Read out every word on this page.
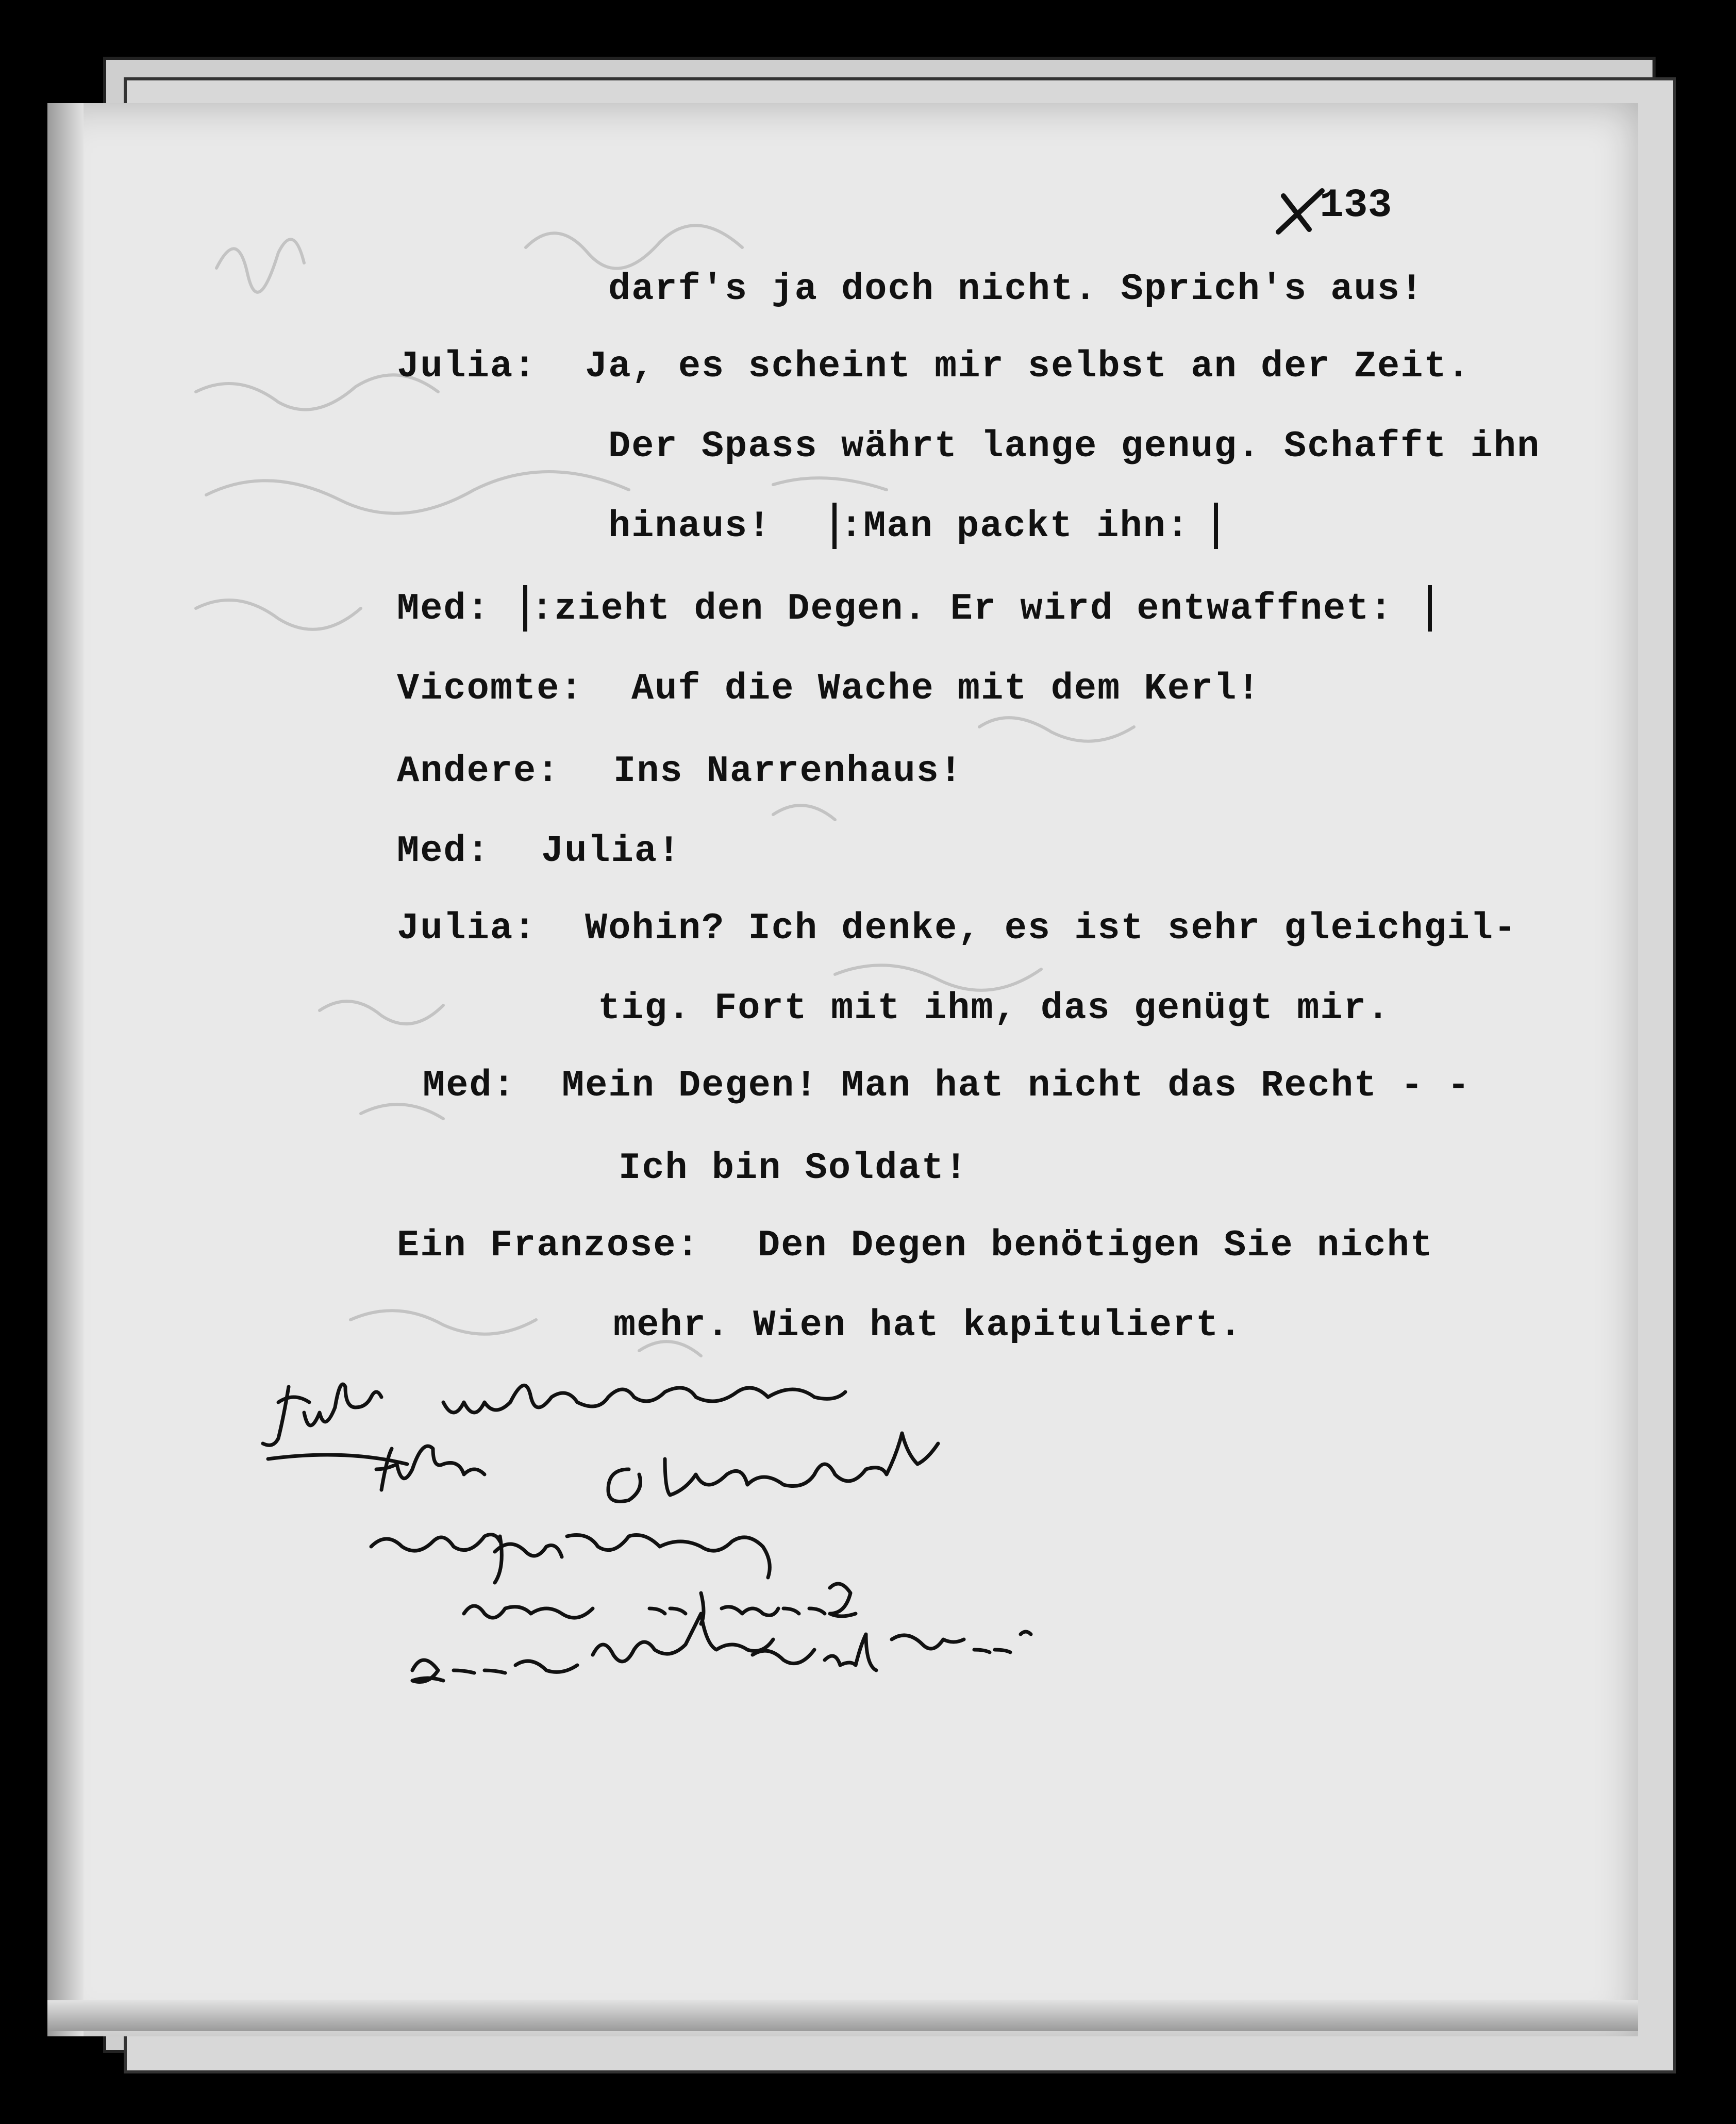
133
darf's ja doch nicht. Sprich's aus!
Julia: Ja, es scheint mir selbst an der Zeit.
Der Spass währt lange genug. Schafft ihn
hinaus! :Man packt ihn:
Med: :zieht den Degen. Er wird entwaffnet:
Vicomte: Auf die Wache mit dem Kerl!
Andere: Ins Narrenhaus!
Med: Julia!
Julia: Wohin? Ich denke, es ist sehr gleichgil-
tig. Fort mit ihm, das genügt mir.
Med: Mein Degen! Man hat nicht das Recht - -
Ich bin Soldat!
Ein Franzose: Den Degen benötigen Sie nicht
mehr. Wien hat kapituliert.
